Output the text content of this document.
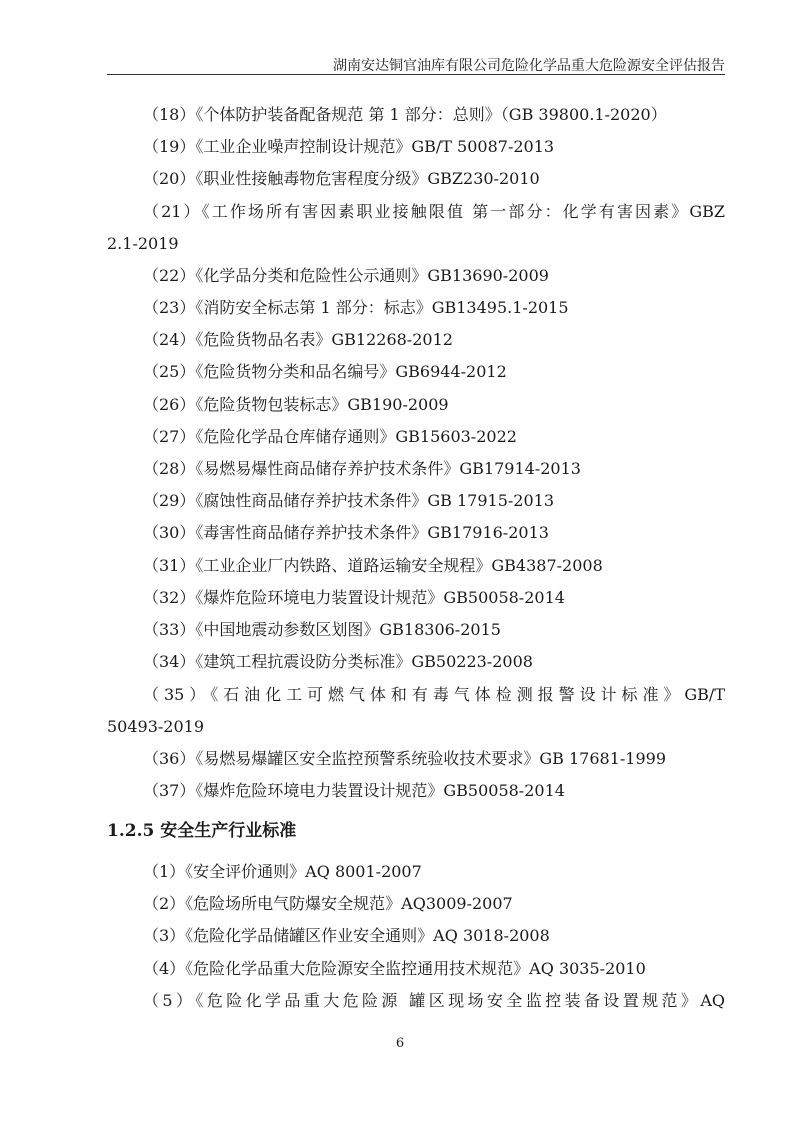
湖南安达铜官油库有限公司危险化学品重大危险源安全评估报告
（18）《个体防护装备配备规范 第 1 部分：总则》（GB 39800.1-2020）
（19）《工业企业噪声控制设计规范》GB/T 50087-2013
（20）《职业性接触毒物危害程度分级》GBZ230-2010
（21）《工作场所有害因素职业接触限值 第一部分：化学有害因素》GBZ
2.1-2019
（22）《化学品分类和危险性公示通则》GB13690-2009
（23）《消防安全标志第 1 部分：标志》GB13495.1-2015
（24）《危险货物品名表》GB12268-2012
（25）《危险货物分类和品名编号》GB6944-2012
（26）《危险货物包装标志》GB190-2009
（27）《危险化学品仓库储存通则》GB15603-2022
（28）《易燃易爆性商品储存养护技术条件》GB17914-2013
（29）《腐蚀性商品储存养护技术条件》GB 17915-2013
（30）《毒害性商品储存养护技术条件》GB17916-2013
（31）《工业企业厂内铁路、道路运输安全规程》GB4387-2008
（32）《爆炸危险环境电力装置设计规范》GB50058-2014
（33）《中国地震动参数区划图》GB18306-2015
（34）《建筑工程抗震设防分类标准》GB50223-2008
（35）《石油化工可燃气体和有毒气体检测报警设计标准》GB/T
50493-2019
（36）《易燃易爆罐区安全监控预警系统验收技术要求》GB 17681-1999
（37）《爆炸危险环境电力装置设计规范》GB50058-2014
1.2.5 安全生产行业标准
（1）《安全评价通则》AQ 8001-2007
（2）《危险场所电气防爆安全规范》AQ3009-2007
（3）《危险化学品储罐区作业安全通则》AQ 3018-2008
（4）《危险化学品重大危险源安全监控通用技术规范》AQ 3035-2010
（5）《危险化学品重大危险源 罐区现场安全监控装备设置规范》AQ
6
